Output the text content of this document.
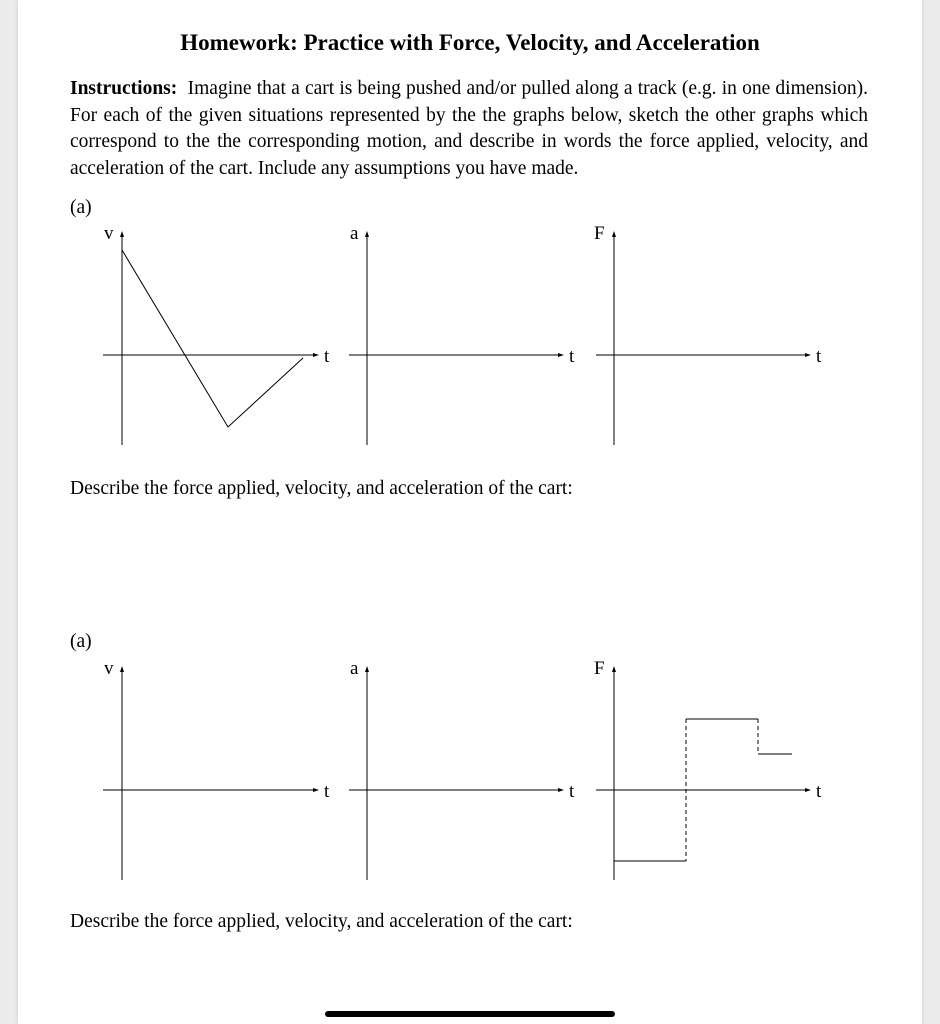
Homework: Practice with Force, Velocity, and Acceleration

Instructions: Imagine that a cart is being pushed and/or pulled along a track (e.g. in one dimension). For each of the given situations represented by the the graphs below, sketch the other graphs which correspond to the the corresponding motion, and describe in words the force applied, velocity, and acceleration of the cart. Include any assumptions you have made.

(a)
v
t
a
t
F
t
Describe the force applied, velocity, and acceleration of the cart:
(a)
v
t
a
t
F
t
Describe the force applied, velocity, and acceleration of the cart:
